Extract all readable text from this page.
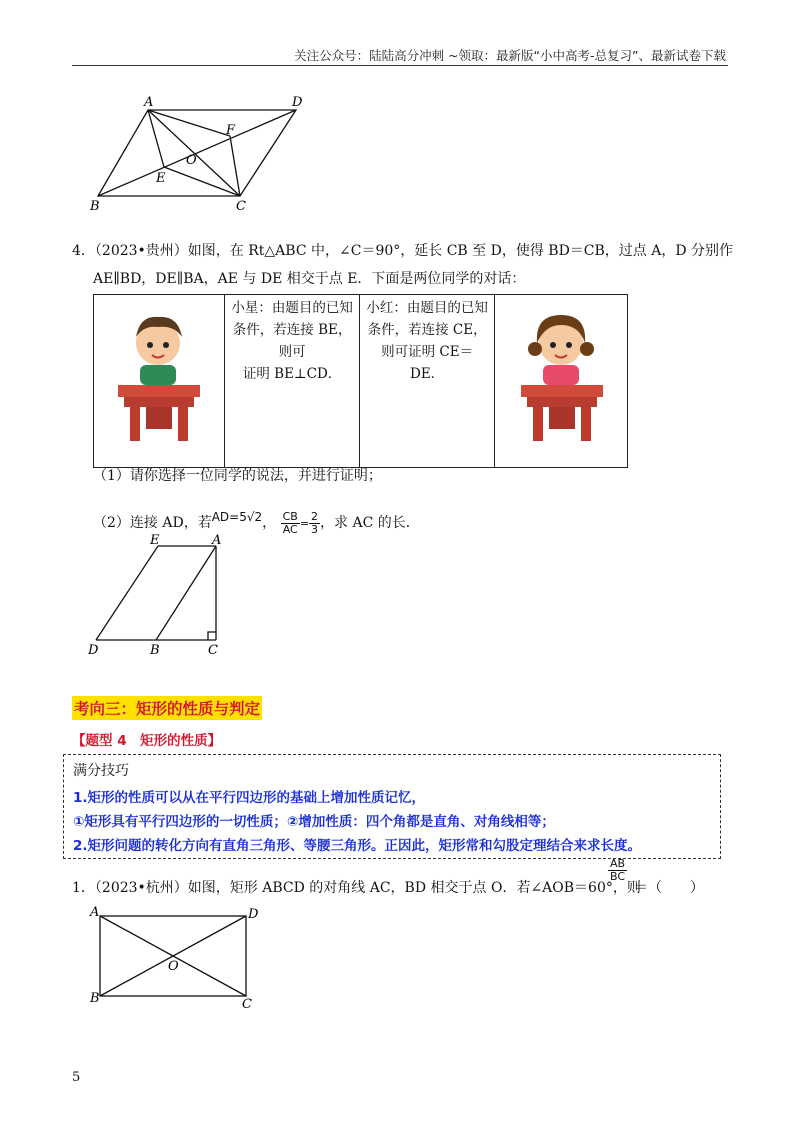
关注公众号：陆陆高分冲刺 ~领取：最新版“小中高考-总复习”、最新试卷下载
A	D
F
O
E
B	C
4．（2023•贵州）如图，在 Rt△ABC 中，∠C＝90°，延长 CB 至 D，使得 BD＝CB，过点 A，D 分别作
AE∥BD，DE∥BA，AE 与 DE 相交于点 E．下面是两位同学的对话：

小星：由题目的已知
条件，若连接 BE，
则可
证明 BE⊥CD．

小红：由题目的已知
条件，若连接 CE，
则可证明 CE＝DE．

（1）请你选择一位同学的说法，并进行证明；
（2）连接 AD，若AD=5√2， $\frac{CB}{AC} = \frac{2}{3}$ ，求 AC 的长．
E	A
D	B	C
考向三：矩形的性质与判定
【题型 4　矩形的性质】
满分技巧
1.矩形的性质可以从在平行四边形的基础上增加性质记忆，
①矩形具有平行四边形的一切性质；②增加性质：四个角都是直角、对角线相等；
2.矩形问题的转化方向有直角三角形、等腰三角形。正因此，矩形常和勾股定理结合来求长度。
1．（2023•杭州）如图，矩形 ABCD 的对角线 AC，BD 相交于点 O．若∠AOB＝60°，则
$\frac{AB}{BC}$
＝（　　）
A	D
O
B	C
5
